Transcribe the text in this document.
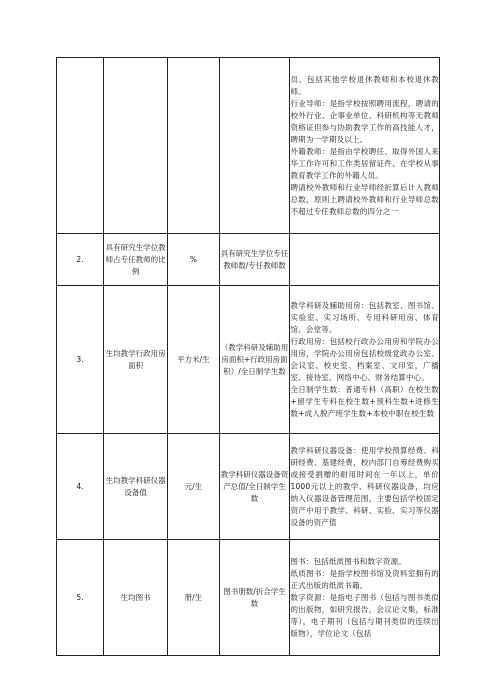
				员、包括其他学校退休教师和本校退休教师。

行业导师：是指学校按照聘用流程，聘请的校外行业、企事业单位、科研机构等无教师资格证但参与协助教学工作的高技能人才，聘期为一学期及以上。

外籍教师：是指由学校聘任、取得外国人来华工作许可和工作类居留证件、在学校从事教育教学工作的外籍人员。

聘请校外教师和行业导师经折算后计入教师总数，原则上聘请校外教师和行业导师总数不超过专任教师总数的四分之一

2.	具有研究生学位教师占专任教师的比例	%	具有研究生学位专任教师数/专任教师数	
3.	生均教学行政用房面积	平方米/生	（教学科研及辅助用房面积+行政用房面积）/全日制学生数	教学科研及辅助用房：包括教室、图书馆、实验室、实习场所、专用科研用房、体育馆、会堂等。

行政用房：包括校行政办公用房和学院办公用房，学院办公用房包括校级党政办公室、会议室、校史室、档案室、文印室，广播室、接待室、网络中心、财务结算中心。

全日制学生数：普通专科（高职）在校生数+留学生专科在校生数+预科生数+进修生数+成人脱产班学生数+本校中职在校生数

4.	生均教学科研仪器设备值	元/生	教学科研仪器设备资产总值/全日制学生数	教学科研仪器设备：使用学校预算经费、科研经费、基建经费，校内部门自筹经费购买或接受捐赠的耐用时间在一年以上，单价1000元以上的教学、科研仪器设备，均应纳入仪器设备管理范围，主要包括学校固定资产中用于教学、科研、实验、实习等仪器设备的资产值

5.	生均图书	册/生	图书册数/折合学生数	图书：包括纸质图书和数字资源。

纸质图书：是指学校图书馆及资料室拥有的正式出版的纸质书籍。

数字资源：是指电子图书（包括与图书类似的出版物，如研究报告，会议论文集，标准等），电子期刊（包括与期刊类似的连续出版物），学位论文（包括
